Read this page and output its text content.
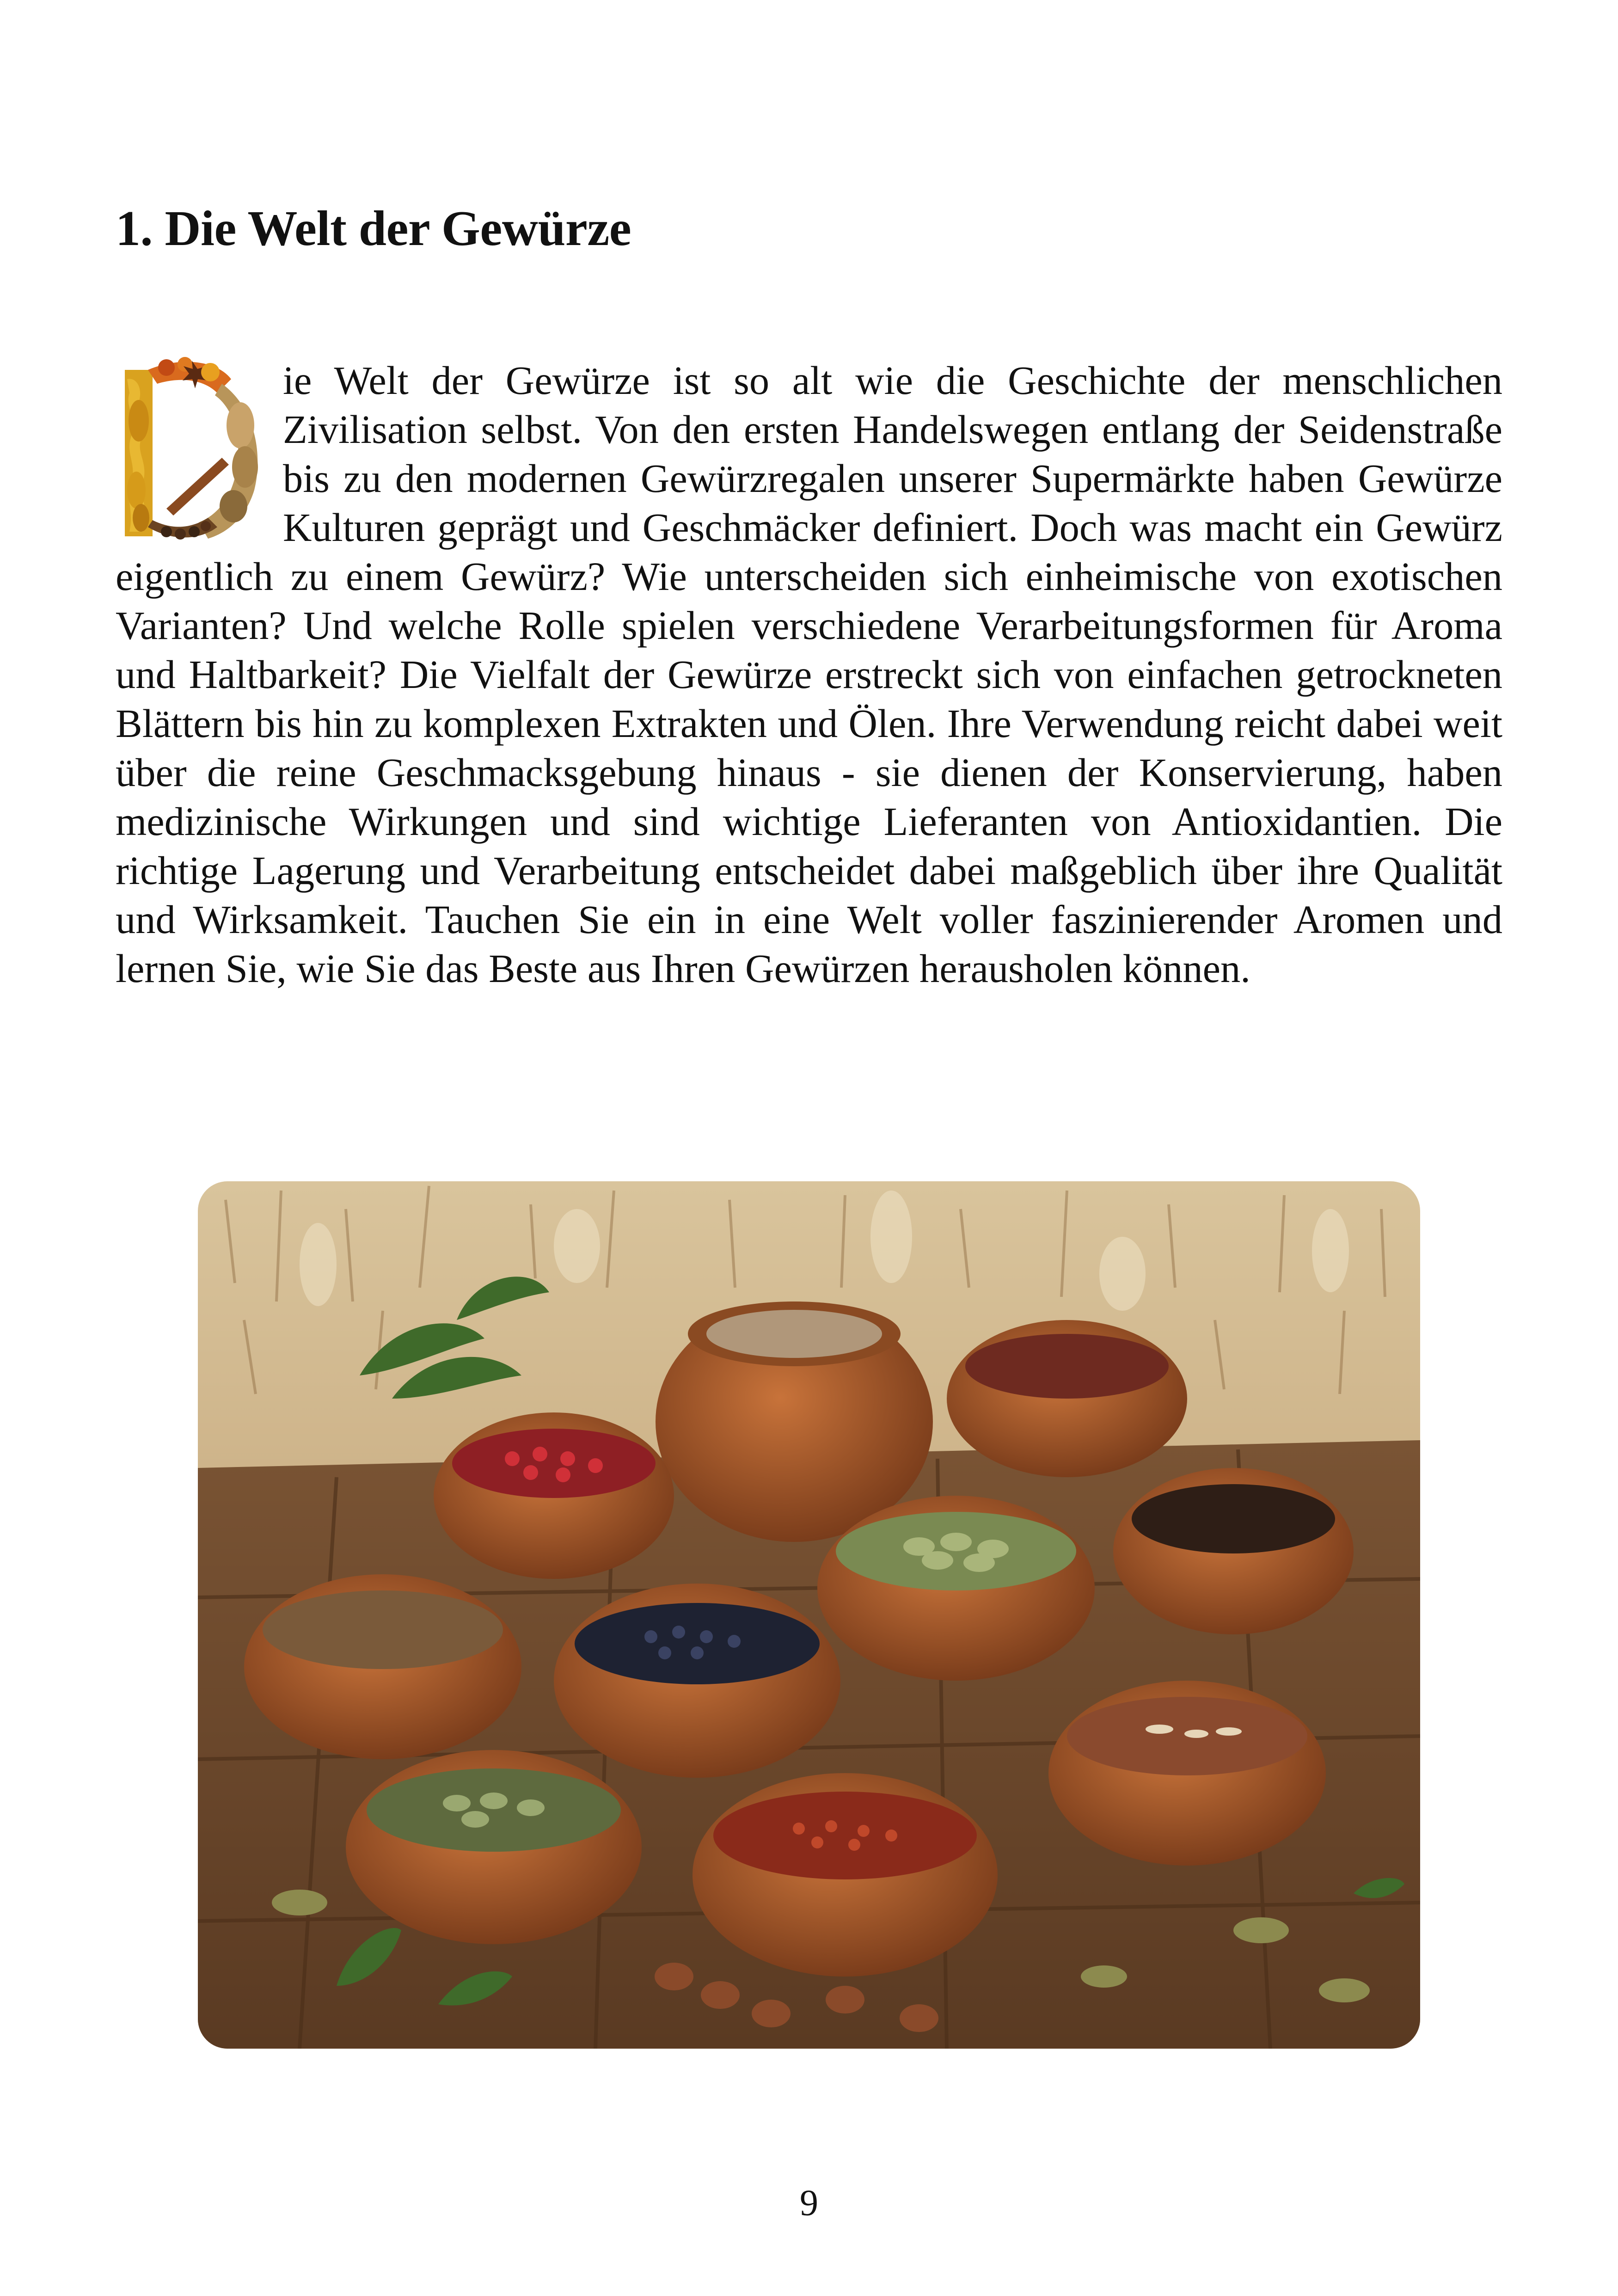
1. Die Welt der Gewürze
ie Welt der Gewürze ist so alt wie die Geschichte der menschlichen Zivilisation selbst. Von den ersten Handelswegen entlang der Seidenstraße bis zu den modernen Gewürzregalen unserer Supermärkte haben Gewürze Kulturen geprägt und Geschmäcker definiert. Doch was macht ein Gewürz eigentlich zu einem Gewürz? Wie unterscheiden sich einheimische von exotischen Varianten? Und welche Rolle spielen verschiedene Verarbeitungsformen für Aroma und Haltbarkeit? Die Vielfalt der Gewürze erstreckt sich von einfachen getrockneten Blättern bis hin zu komplexen Extrakten und Ölen. Ihre Verwendung reicht dabei weit über die reine Geschmacksgebung hinaus - sie dienen der Konservierung, haben medizinische Wirkungen und sind wichtige Lieferanten von Antioxidantien. Die richtige Lagerung und Verarbeitung entscheidet dabei maßgeblich über ihre Qualität und Wirksamkeit. Tauchen Sie ein in eine Welt voller faszinierender Aromen und lernen Sie, wie Sie das Beste aus Ihren Gewürzen herausholen können.
9
